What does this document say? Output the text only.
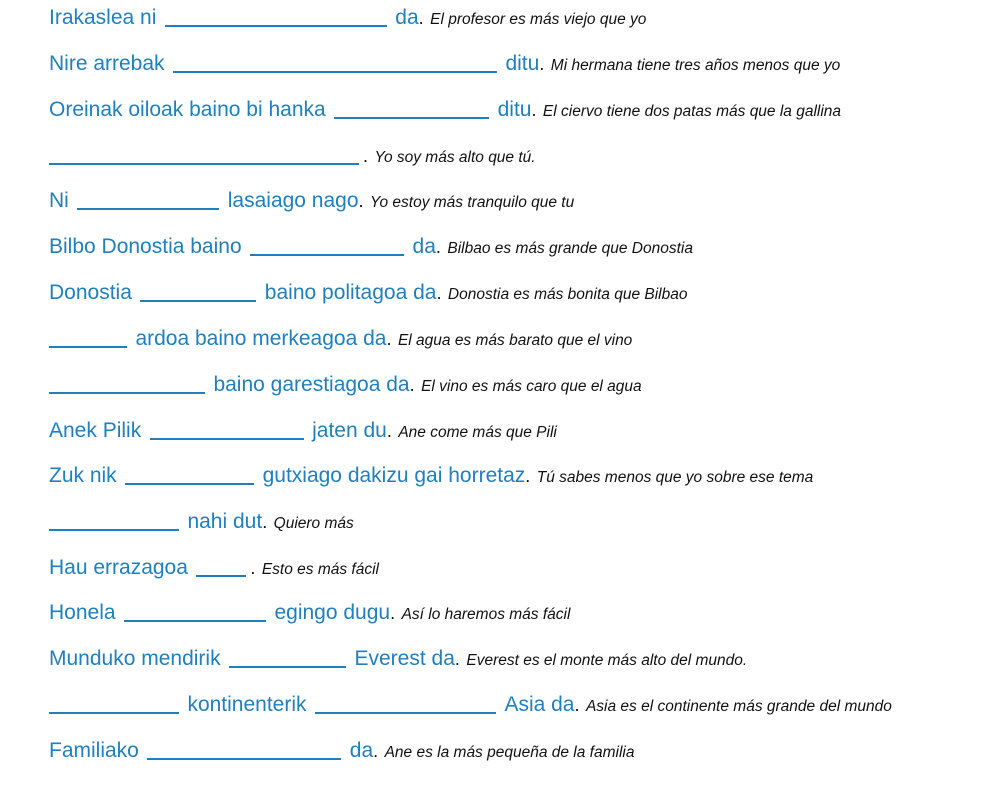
Irakaslea ni	da. El profesor es más viejo que yo
Nire arrebak	ditu. Mi hermana tiene tres años menos que yo
Oreinak oiloak baino bi hanka	ditu. El ciervo tiene dos patas más que la gallina
. Yo soy más alto que tú.
Ni	lasaiago nago. Yo estoy más tranquilo que tu
Bilbo Donostia baino	da. Bilbao es más grande que Donostia
Donostia	baino politagoa da. Donostia es más bonita que Bilbao
ardoa baino merkeagoa da. El agua es más barato que el vino
baino garestiagoa da. El vino es más caro que el agua
Anek Pilik	jaten du. Ane come más que Pili
Zuk nik	gutxiago dakizu gai horretaz. Tú sabes menos que yo sobre ese tema
nahi dut. Quiero más
Hau errazagoa	. Esto es más fácil
Honela	egingo dugu. Así lo haremos más fácil
Munduko mendirik	Everest da. Everest es el monte más alto del mundo.
kontinenterik	Asia da. Asia es el continente más grande del mundo
Familiako	da. Ane es la más pequeña de la familia
